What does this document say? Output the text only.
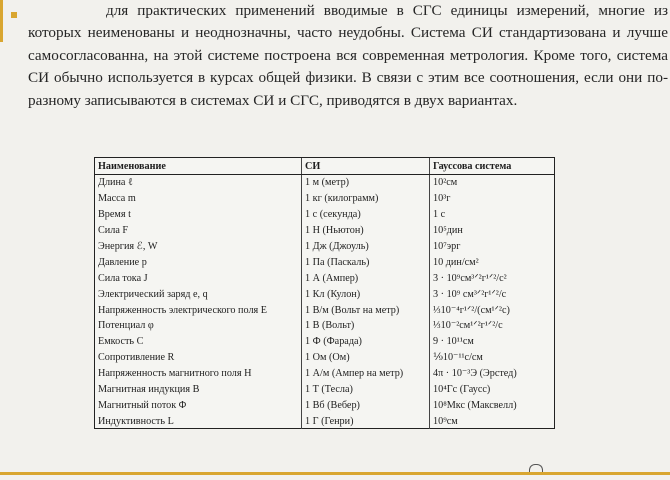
для практических применений вводимые в СГС единицы измерений, многие из которых неименованы и неоднозначны, часто неудобны. Система СИ стандартизована и лучше самосогласованна, на этой системе построена вся современная метрология. Кроме того, система СИ обычно используется в курсах общей физики. В связи с этим все соотношения, если они по-разному записываются в системах СИ и СГС, приводятся в двух вариантах.

Наименование	СИ	Гауссова система
Длина ℓ	1 м (метр)	10²см
Масса m	1 кг (килограмм)	10³г
Время t	1 с (секунда)	1 с
Сила F	1 Н (Ньютон)	10⁵дин
Энергия ℰ, W	1 Дж (Джоуль)	10⁷эрг
Давление p	1 Па (Паскаль)	10 дин/см²
Сила тока J	1 А (Ампер)	3 · 10⁹см³ᐟ²г¹ᐟ²/с²
Электрический заряд e, q	1 Кл (Кулон)	3 · 10⁹ см³ᐟ²г¹ᐟ²/с
Напряженность электрического поля E	1 В/м (Вольт на метр)	⅓10⁻⁴г¹ᐟ²/(см¹ᐟ²с)
Потенциал φ	1 В (Вольт)	⅓10⁻²см¹ᐟ²г¹ᐟ²/с
Емкость C	1 Ф (Фарада)	9 · 10¹¹см
Сопротивление R	1 Ом (Ом)	⅑10⁻¹¹с/см
Напряженность магнитного поля H	1 А/м (Ампер на метр)	4π · 10⁻³Э (Эрстед)
Магнитная индукция B	1 Т (Тесла)	10⁴Гс (Гаусс)
Магнитный поток Φ	1 Вб (Вебер)	10⁸Мкс (Максвелл)
Индуктивность L	1 Г (Генри)	10⁹см
